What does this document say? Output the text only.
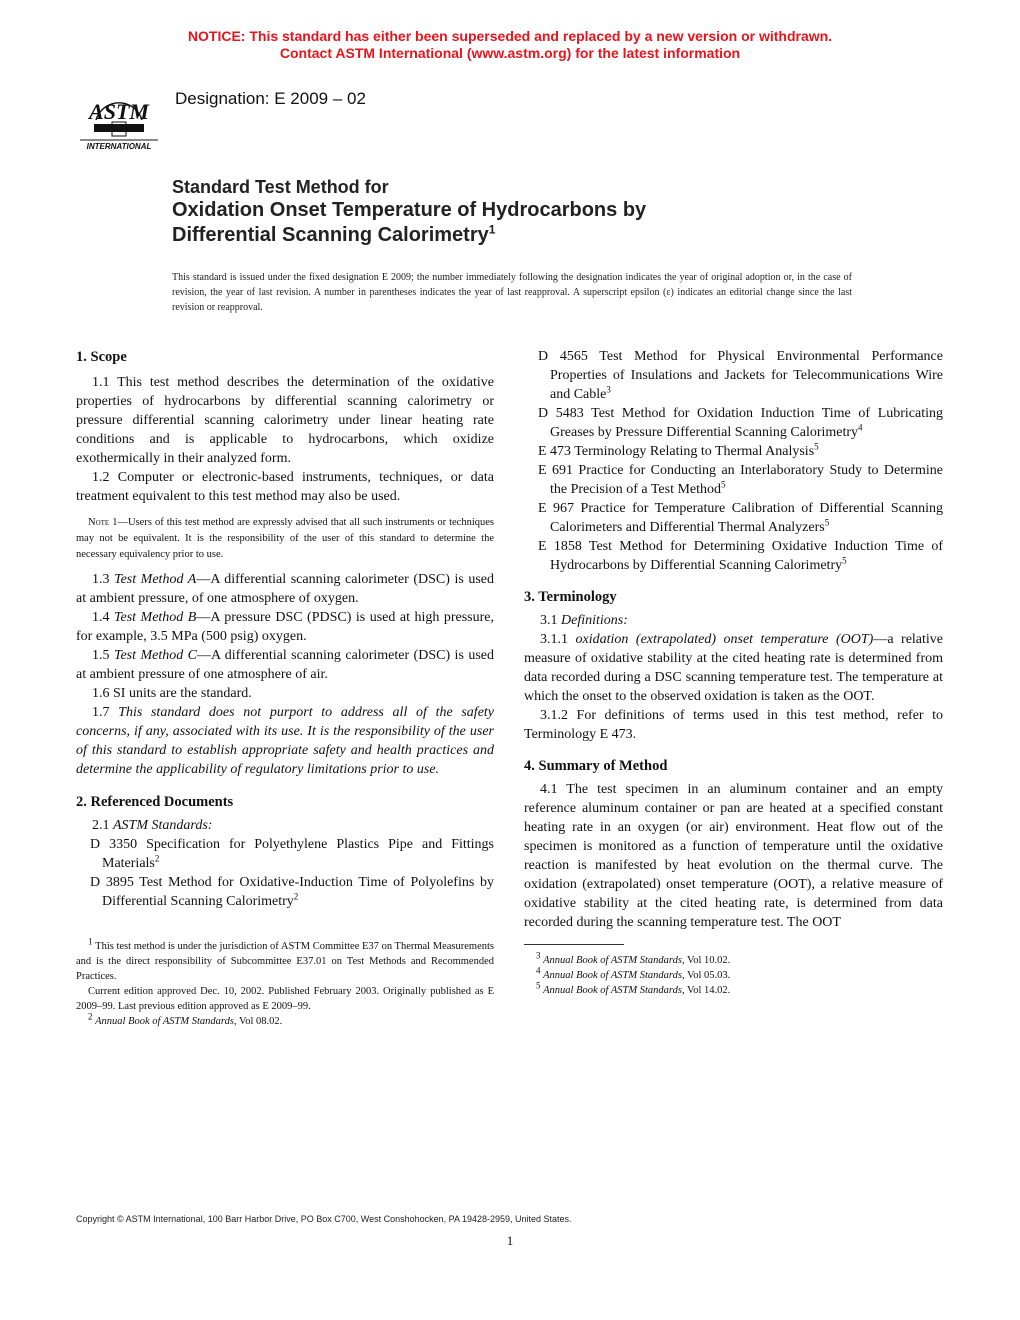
NOTICE: This standard has either been superseded and replaced by a new version or withdrawn.
Contact ASTM International (www.astm.org) for the latest information
ASTM
INTERNATIONAL
Designation: E 2009 – 02
Standard Test Method for
Oxidation Onset Temperature of Hydrocarbons by
Differential Scanning Calorimetry$^1$
This standard is issued under the fixed designation E 2009; the number immediately following the designation indicates the year of original adoption or, in the case of revision, the year of last revision. A number in parentheses indicates the year of last reapproval. A superscript epsilon (ε) indicates an editorial change since the last revision or reapproval.
1. Scope

1.1 This test method describes the determination of the oxidative properties of hydrocarbons by differential scanning calorimetry or pressure differential scanning calorimetry under linear heating rate conditions and is applicable to hydrocarbons, which oxidize exothermically in their analyzed form.

1.2 Computer or electronic-based instruments, techniques, or data treatment equivalent to this test method may also be used.

Note 1—Users of this test method are expressly advised that all such instruments or techniques may not be equivalent. It is the responsibility of the user of this standard to determine the necessary equivalency prior to use.

1.3 Test Method A—A differential scanning calorimeter (DSC) is used at ambient pressure, of one atmosphere of oxygen.

1.4 Test Method B—A pressure DSC (PDSC) is used at high pressure, for example, 3.5 MPa (500 psig) oxygen.

1.5 Test Method C—A differential scanning calorimeter (DSC) is used at ambient pressure of one atmosphere of air.

1.6 SI units are the standard.

1.7 This standard does not purport to address all of the safety concerns, if any, associated with its use. It is the responsibility of the user of this standard to establish appropriate safety and health practices and determine the applicability of regulatory limitations prior to use.

2. Referenced Documents

2.1 ASTM Standards:

D 3350 Specification for Polyethylene Plastics Pipe and Fittings Materials$^2$

D 3895 Test Method for Oxidative-Induction Time of Polyolefins by Differential Scanning Calorimetry$^2$

$^1$ This test method is under the jurisdiction of ASTM Committee E37 on Thermal Measurements and is the direct responsibility of Subcommittee E37.01 on Test Methods and Recommended Practices.

Current edition approved Dec. 10, 2002. Published February 2003. Originally published as E 2009–99. Last previous edition approved as E 2009–99.

$^2$ Annual Book of ASTM Standards, Vol 08.02.

D 4565 Test Method for Physical Environmental Performance Properties of Insulations and Jackets for Telecommunications Wire and Cable$^3$

D 5483 Test Method for Oxidation Induction Time of Lubricating Greases by Pressure Differential Scanning Calorimetry$^4$

E 473 Terminology Relating to Thermal Analysis$^5$

E 691 Practice for Conducting an Interlaboratory Study to Determine the Precision of a Test Method$^5$

E 967 Practice for Temperature Calibration of Differential Scanning Calorimeters and Differential Thermal Analyzers$^5$

E 1858 Test Method for Determining Oxidative Induction Time of Hydrocarbons by Differential Scanning Calorimetry$^5$

3. Terminology

3.1 Definitions:

3.1.1 oxidation (extrapolated) onset temperature (OOT)—a relative measure of oxidative stability at the cited heating rate is determined from data recorded during a DSC scanning temperature test. The temperature at which the onset to the observed oxidation is taken as the OOT.

3.1.2 For definitions of terms used in this test method, refer to Terminology E 473.

4. Summary of Method

4.1 The test specimen in an aluminum container and an empty reference aluminum container or pan are heated at a specified constant heating rate in an oxygen (or air) environment. Heat flow out of the specimen is monitored as a function of temperature until the oxidative reaction is manifested by heat evolution on the thermal curve. The oxidation (extrapolated) onset temperature (OOT), a relative measure of oxidative stability at the cited heating rate, is determined from data recorded during the scanning temperature test. The OOT

$^3$ Annual Book of ASTM Standards, Vol 10.02.

$^4$ Annual Book of ASTM Standards, Vol 05.03.

$^5$ Annual Book of ASTM Standards, Vol 14.02.

Copyright © ASTM International, 100 Barr Harbor Drive, PO Box C700, West Conshohocken, PA 19428-2959, United States.
1
